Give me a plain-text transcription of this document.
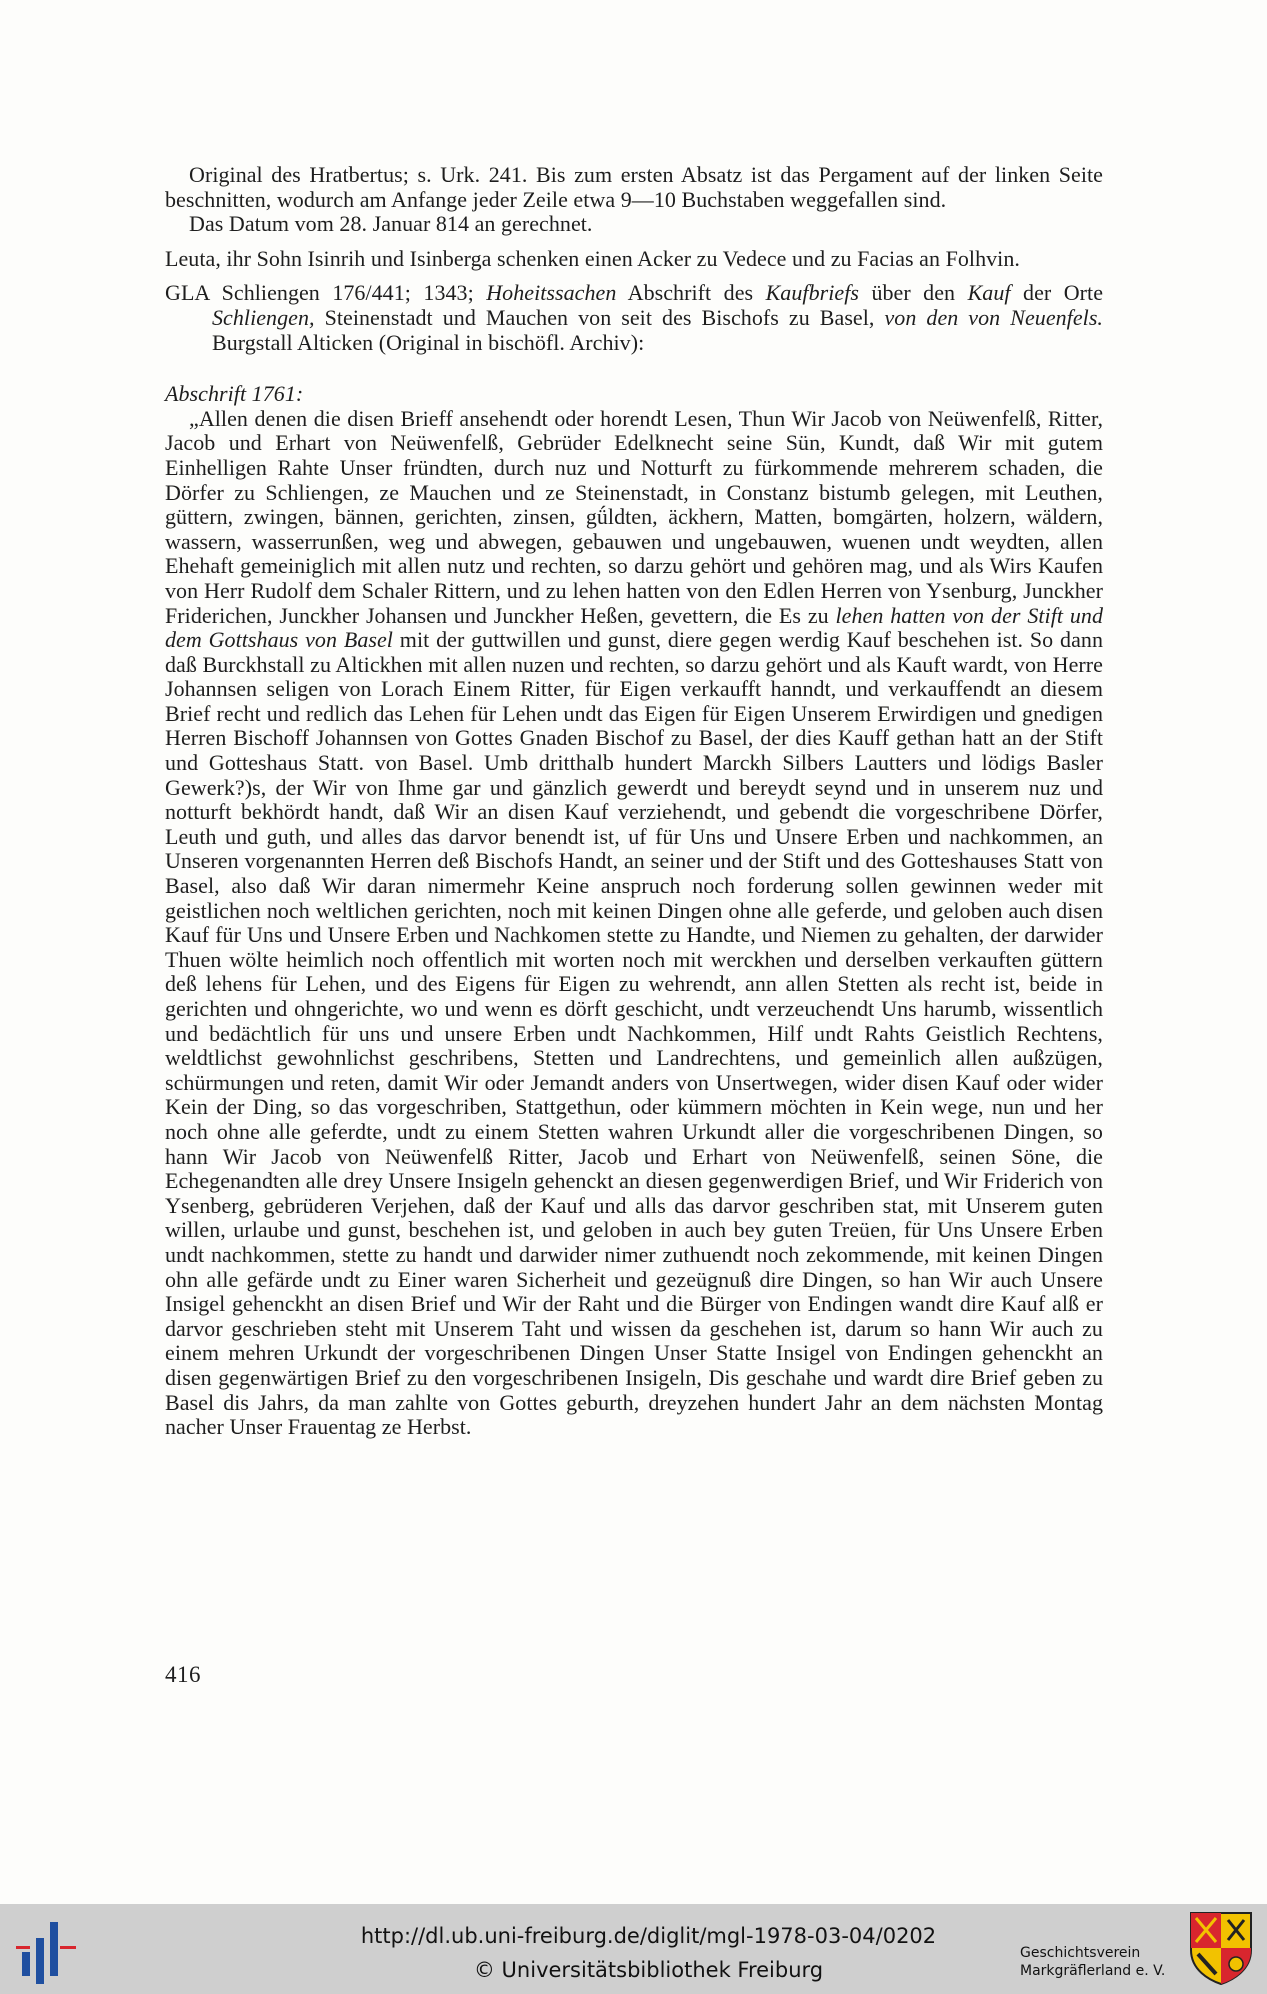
Original des Hratbertus; s. Urk. 241. Bis zum ersten Absatz ist das Pergament auf der linken Seite beschnitten, wodurch am Anfange jeder Zeile etwa 9—10 Buchstaben weggefallen sind.

Das Datum vom 28. Januar 814 an gerechnet.

Leuta, ihr Sohn Isinrih und Isinberga schenken einen Acker zu Vedece und zu Facias an Folhvin.

GLA Schliengen 176/441; 1343; Hoheitssachen Abschrift des Kaufbriefs über den Kauf der Orte Schliengen, Steinenstadt und Mauchen von seit des Bischofs zu Basel, von den von Neuenfels. Burgstall Alticken (Original in bischöfl. Archiv):

Abschrift 1761:

„Allen denen die disen Brieff ansehendt oder horendt Lesen, Thun Wir Jacob von Neüwenfelß, Ritter, Jacob und Erhart von Neüwenfelß, Gebrüder Edelknecht seine Sün, Kundt, daß Wir mit gutem Einhelligen Rahte Unser fründten, durch nuz und Notturft zu fürkommende mehrerem schaden, die Dörfer zu Schliengen, ze Mauchen und ze Steinenstadt, in Constanz bistumb gelegen, mit Leuthen, güttern, zwingen, bännen, gerichten, zinsen, gǘldten, äckhern, Matten, bomgärten, holzern, wäldern, wassern, wasserrunßen, weg und abwegen, gebauwen und ungebauwen, wuenen undt weydten, allen Ehehaft gemeiniglich mit allen nutz und rechten, so darzu gehört und gehören mag, und als Wirs Kaufen von Herr Rudolf dem Schaler Rittern, und zu lehen hatten von den Edlen Herren von Ysenburg, Junckher Friderichen, Junckher Johansen und Junckher Heßen, gevettern, die Es zu lehen hatten von der Stift und dem Gottshaus von Basel mit der guttwillen und gunst, diere gegen werdig Kauf beschehen ist. So dann daß Burckhstall zu Altickhen mit allen nuzen und rechten, so darzu gehört und als Kauft wardt, von Herre Johannsen seligen von Lorach Einem Ritter, für Eigen verkaufft hanndt, und verkauffendt an diesem Brief recht und redlich das Lehen für Lehen undt das Eigen für Eigen Unserem Erwirdigen und gnedigen Herren Bischoff Johannsen von Gottes Gnaden Bischof zu Basel, der dies Kauff gethan hatt an der Stift und Gotteshaus Statt. von Basel. Umb dritthalb hundert Marckh Silbers Lautters und lödigs Basler Gewerk?)s, der Wir von Ihme gar und gänzlich gewerdt und bereydt seynd und in unserem nuz und notturft bekhördt handt, daß Wir an disen Kauf verziehendt, und gebendt die vorgeschribene Dörfer, Leuth und guth, und alles das darvor benendt ist, uf für Uns und Unsere Erben und nachkommen, an Unseren vorgenannten Herren deß Bischofs Handt, an seiner und der Stift und des Gotteshauses Statt von Basel, also daß Wir daran nimermehr Keine anspruch noch forderung sollen gewinnen weder mit geistlichen noch weltlichen gerichten, noch mit keinen Dingen ohne alle geferde, und geloben auch disen Kauf für Uns und Unsere Erben und Nachkomen stette zu Handte, und Niemen zu gehalten, der darwider Thuen wölte heimlich noch offentlich mit worten noch mit werckhen und derselben verkauften güttern deß lehens für Lehen, und des Eigens für Eigen zu wehrendt, ann allen Stetten als recht ist, beide in gerichten und ohngerichte, wo und wenn es dörft geschicht, undt verzeuchendt Uns harumb, wissentlich und bedächtlich für uns und unsere Erben undt Nachkommen, Hilf undt Rahts Geistlich Rechtens, weldtlichst gewohnlichst geschribens, Stetten und Landrechtens, und gemeinlich allen außzügen, schürmungen und reten, damit Wir oder Jemandt anders von Unsertwegen, wider disen Kauf oder wider Kein der Ding, so das vorgeschriben, Stattgethun, oder kümmern möchten in Kein wege, nun und her noch ohne alle geferdte, undt zu einem Stetten wahren Urkundt aller die vorgeschribenen Dingen, so hann Wir Jacob von Neüwenfelß Ritter, Jacob und Erhart von Neüwenfelß, seinen Söne, die Echegenandten alle drey Unsere Insigeln gehenckt an diesen gegenwerdigen Brief, und Wir Friderich von Ysenberg, gebrüderen Verjehen, daß der Kauf und alls das darvor geschriben stat, mit Unserem guten willen, urlaube und gunst, beschehen ist, und geloben in auch bey guten Treüen, für Uns Unsere Erben undt nachkommen, stette zu handt und darwider nimer zuthuendt noch zekommende, mit keinen Dingen ohn alle gefärde undt zu Einer waren Sicherheit und gezeügnuß dire Dingen, so han Wir auch Unsere Insigel gehenckht an disen Brief und Wir der Raht und die Bürger von Endingen wandt dire Kauf alß er darvor geschrieben steht mit Unserem Taht und wissen da geschehen ist, darum so hann Wir auch zu einem mehren Urkundt der vorgeschribenen Dingen Unser Statte Insigel von Endingen gehenckht an disen gegenwärtigen Brief zu den vorgeschribenen Insigeln, Dis geschahe und wardt dire Brief geben zu Basel dis Jahrs, da man zahlte von Gottes geburth, dreyzehen hundert Jahr an dem nächsten Montag nacher Unser Frauentag ze Herbst.

416
http://dl.ub.uni-freiburg.de/diglit/mgl-1978-03-04/0202
© Universitätsbibliothek Freiburg
Geschichtsverein
Markgräflerland e. V.
